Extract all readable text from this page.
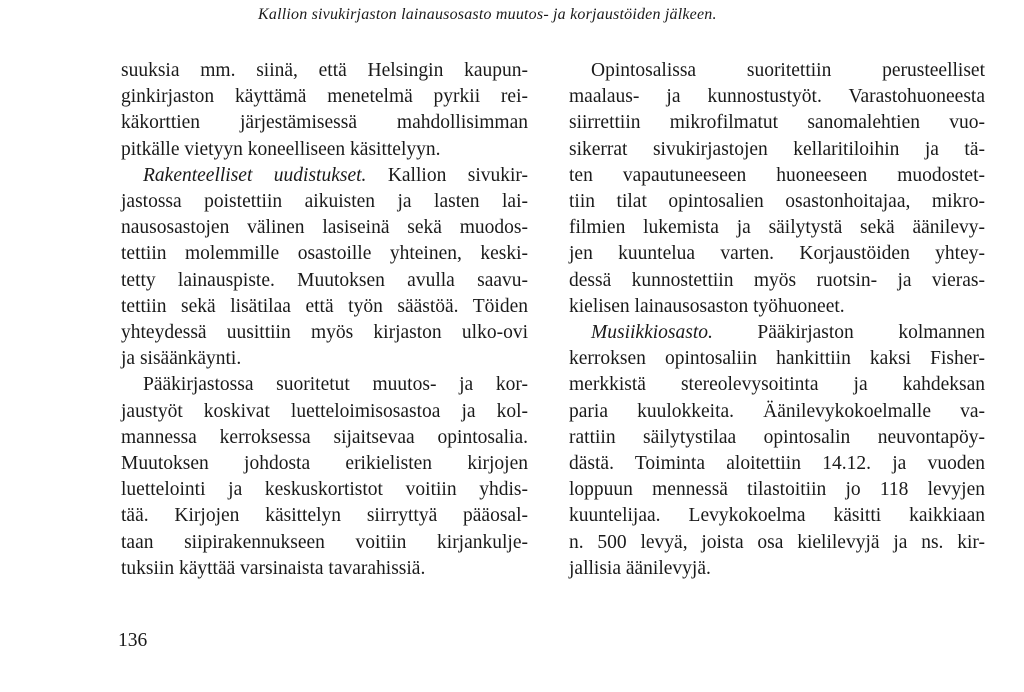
Kallion sivukirjaston lainausosasto muutos- ja korjaustöiden jälkeen.
suuksia mm. siinä, että Helsingin kaupun-
ginkirjaston käyttämä menetelmä pyrkii rei-
käkorttien järjestämisessä mahdollisimman
pitkälle vietyyn koneelliseen käsittelyyn.
Rakenteelliset uudistukset. Kallion sivukir-
jastossa poistettiin aikuisten ja lasten lai-
nausosastojen välinen lasiseinä sekä muodos-
tettiin molemmille osastoille yhteinen, keski-
tetty lainauspiste. Muutoksen avulla saavu-
tettiin sekä lisätilaa että työn säästöä. Töiden
yhteydessä uusittiin myös kirjaston ulko-ovi
ja sisäänkäynti.
Pääkirjastossa suoritetut muutos- ja kor-
jaustyöt koskivat luetteloimisosastoa ja kol-
mannessa kerroksessa sijaitsevaa opintosalia.
Muutoksen johdosta erikielisten kirjojen
luettelointi ja keskuskortistot voitiin yhdis-
tää. Kirjojen käsittelyn siirryttyä pääosal-
taan siipirakennukseen voitiin kirjankulje-
tuksiin käyttää varsinaista tavarahissiä.
Opintosalissa suoritettiin perusteelliset
maalaus- ja kunnostustyöt. Varastohuoneesta
siirrettiin mikrofilmatut sanomalehtien vuo-
sikerrat sivukirjastojen kellaritiloihin ja tä-
ten vapautuneeseen huoneeseen muodostet-
tiin tilat opintosalien osastonhoitajaa, mikro-
filmien lukemista ja säilytystä sekä äänilevy-
jen kuuntelua varten. Korjaustöiden yhtey-
dessä kunnostettiin myös ruotsin- ja vieras-
kielisen lainausosaston työhuoneet.
Musiikkiosasto. Pääkirjaston kolmannen
kerroksen opintosaliin hankittiin kaksi Fisher-
merkkistä stereolevysoitinta ja kahdeksan
paria kuulokkeita. Äänilevykokoelmalle va-
rattiin säilytystilaa opintosalin neuvontapöy-
dästä. Toiminta aloitettiin 14.12. ja vuoden
loppuun mennessä tilastoitiin jo 118 levyjen
kuuntelijaa. Levykokoelma käsitti kaikkiaan
n. 500 levyä, joista osa kielilevyjä ja ns. kir-
jallisia äänilevyjä.
136
